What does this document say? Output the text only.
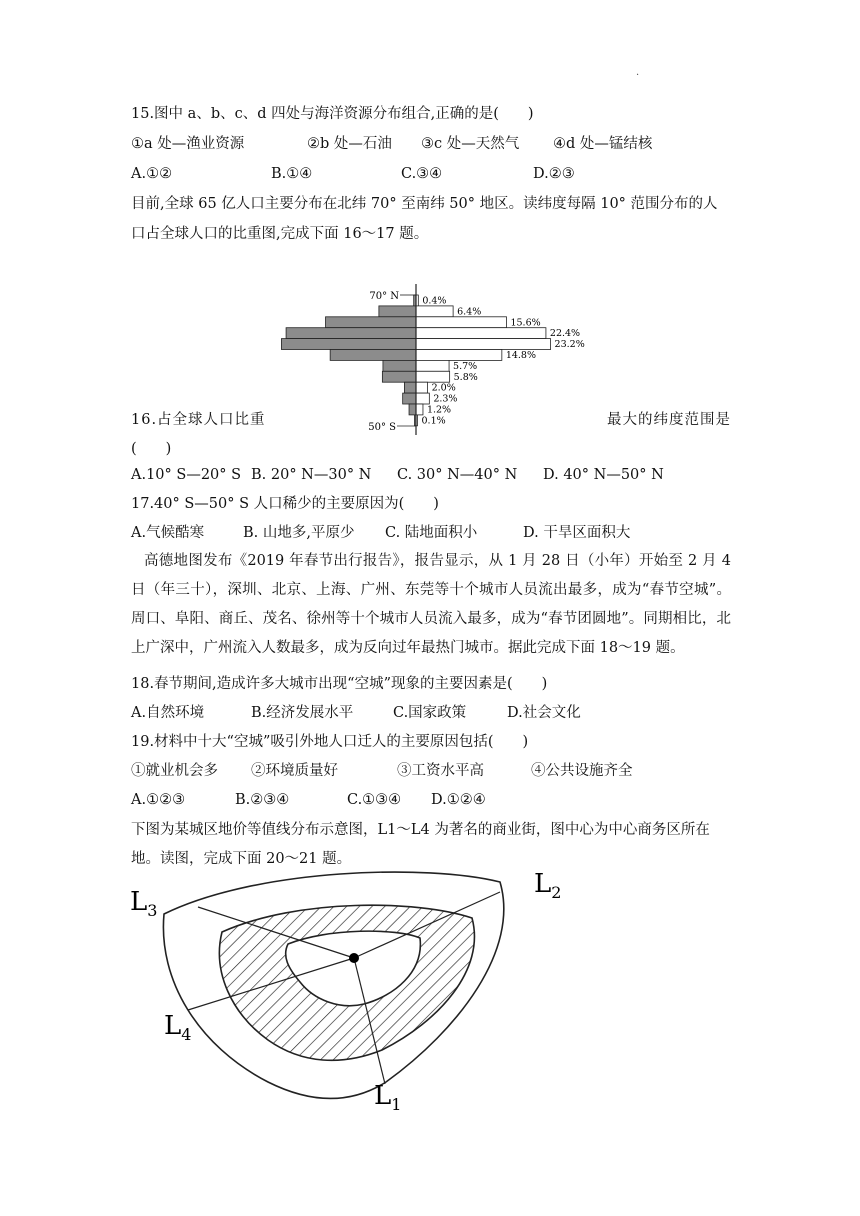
·
15.图中 a、b、c、d 四处与海洋资源分布组合,正确的是(　　)
①a 处—渔业资源	②b 处—石油 ③c 处—天然气 ④d 处—锰结核
A.①②	B.①④	C.③④	D.②③
目前,全球 65 亿人口主要分布在北纬 70° 至南纬 50° 地区。读纬度每隔 10° 范围分布的人
口占全球人口的比重图,完成下面 16～17 题。
0.4%
6.4%
15.6%
22.4%
23.2%
14.8%
5.7%
5.8%
2.0%
2.3%
1.2%
0.1%
70° N
50° S
16.占全球人口比重	最大的纬度范围是
(　　)
A.10° S—20° S B. 20° N—30° N C. 30° N—40° N D. 40° N—50° N
17.40° S—50° S 人口稀少的主要原因为(　　)
A.气候酷寒	B. 山地多,平原少 C. 陆地面积小	D. 干旱区面积大
高德地图发布《2019 年春节出行报告》，报告显示，从 1 月 28 日（小年）开始至 2 月 4 日（年三十），深圳、北京、上海、广州、东莞等十个城市人员流出最多，成为“春节空城”。周口、阜阳、商丘、茂名、徐州等十个城市人员流入最多，成为“春节团圆地”。同期相比，北上广深中，广州流入人数最多，成为反向过年最热门城市。据此完成下面 18～19 题。
18.春节期间,造成许多大城市出现“空城”现象的主要因素是(　　)
A.自然环境	B.经济发展水平	C.国家政策	D.社会文化
19.材料中十大“空城”吸引外地人口迁人的主要原因包括(　　)
①就业机会多 ②环境质量好	③工资水平高	④公共设施齐全
A.①②③	B.②③④	C.①③④ D.①②④
下图为某城区地价等值线分布示意图，L1～L4 为著名的商业街，图中心为中心商务区所在
地。读图，完成下面 20～21 题。
$L_3$
$L_2$
$L_4$
$L_1$
